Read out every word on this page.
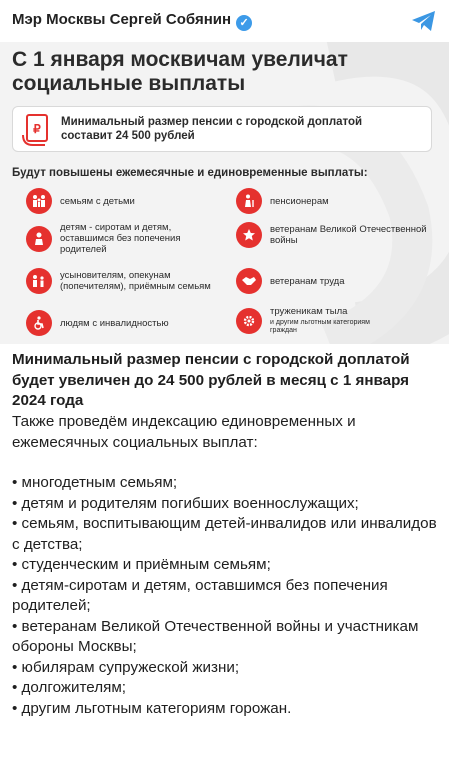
Мэр Москвы Сергей Собянин ✓
С 1 января москвичам увеличат
социальные выплаты
₽ Минимальный размер пенсии с городской доплатой
составит 24 500 рублей
Будут повышены ежемесячные и единовременные выплаты:
семьям с детьми
детям - сиротам и детям, оставшимся без попечения родителей
усыновителям, опекунам (попечителям), приёмным семьям
людям с инвалидностью
пенсионерам
ветеранам Великой Отечественной войны
ветеранам труда
труженикам тыла
и другим льготным категориям граждан

Минимальный размер пенсии с городской доплатой будет увеличен до 24 500 рублей в месяц с 1 января 2024 года

Также проведём индексацию единовременных и ежемесячных социальных выплат:

• многодетным семьям;
• детям и родителям погибших военнослужащих;
• семьям, воспитывающим детей-инвалидов или инвалидов с детства;
• студенческим и приёмным семьям;
• детям-сиротам и детям, оставшимся без попечения родителей;
• ветеранам Великой Отечественной войны и участникам обороны Москвы;
• юбилярам супружеской жизни;
• долгожителям;
• другим льготным категориям горожан.
